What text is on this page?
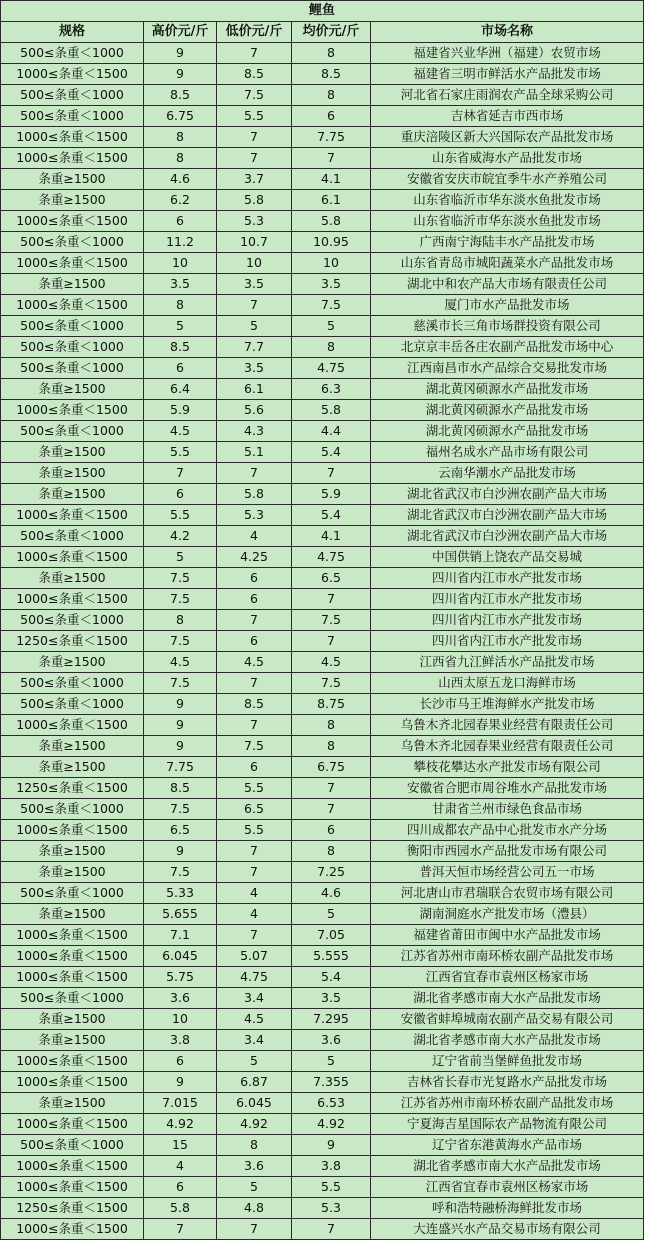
鲤鱼				
规格	高价元/斤	低价元/斤	均价元/斤	市场名称
500≤条重＜1000	9	7	8	福建省兴业华洲（福建）农贸市场
1000≤条重＜1500	9	8.5	8.5	福建省三明市鲜活水产品批发市场
500≤条重＜1000	8.5	7.5	8	河北省石家庄雨润农产品全球采购公司
500≤条重＜1000	6.75	5.5	6	吉林省延吉市西市场
1000≤条重＜1500	8	7	7.75	重庆涪陵区新大兴国际农产品批发市场
1000≤条重＜1500	8	7	7	山东省威海水产品批发市场
条重≥1500	4.6	3.7	4.1	安徽省安庆市皖宜季牛水产养殖公司
条重≥1500	6.2	5.8	6.1	山东省临沂市华东淡水鱼批发市场
1000≤条重＜1500	6	5.3	5.8	山东省临沂市华东淡水鱼批发市场
500≤条重＜1000	11.2	10.7	10.95	广西南宁海陆丰水产品批发市场
1000≤条重＜1500	10	10	10	山东省青岛市城阳蔬菜水产品批发市场
条重≥1500	3.5	3.5	3.5	湖北中和农产品大市场有限责任公司
1000≤条重＜1500	8	7	7.5	厦门市水产品批发市场
500≤条重＜1000	5	5	5	慈溪市长三角市场群投资有限公司
500≤条重＜1000	8.5	7.7	8	北京京丰岳各庄农副产品批发市场中心
500≤条重＜1000	6	3.5	4.75	江西南昌市水产品综合交易批发市场
条重≥1500	6.4	6.1	6.3	湖北黄冈硕源水产品批发市场
1000≤条重＜1500	5.9	5.6	5.8	湖北黄冈硕源水产品批发市场
500≤条重＜1000	4.5	4.3	4.4	湖北黄冈硕源水产品批发市场
条重≥1500	5.5	5.1	5.4	福州名成水产品市场有限公司
条重≥1500	7	7	7	云南华潮水产品批发市场
条重≥1500	6	5.8	5.9	湖北省武汉市白沙洲农副产品大市场
1000≤条重＜1500	5.5	5.3	5.4	湖北省武汉市白沙洲农副产品大市场
500≤条重＜1000	4.2	4	4.1	湖北省武汉市白沙洲农副产品大市场
1000≤条重＜1500	5	4.25	4.75	中国供销上饶农产品交易城
条重≥1500	7.5	6	6.5	四川省内江市水产批发市场
1000≤条重＜1500	7.5	6	7	四川省内江市水产批发市场
500≤条重＜1000	8	7	7.5	四川省内江市水产批发市场
1250≤条重＜1500	7.5	6	7	四川省内江市水产批发市场
条重≥1500	4.5	4.5	4.5	江西省九江鲜活水产品批发市场
500≤条重＜1000	7.5	7	7.5	山西太原五龙口海鲜市场
500≤条重＜1000	9	8.5	8.75	长沙市马王堆海鲜水产批发市场
1000≤条重＜1500	9	7	8	乌鲁木齐北园春果业经营有限责任公司
条重≥1500	9	7.5	8	乌鲁木齐北园春果业经营有限责任公司
条重≥1500	7.75	6	6.75	攀枝花攀达水产批发市场有限公司
1250≤条重＜1500	8.5	5.5	7	安徽省合肥市周谷堆水产品批发市场
500≤条重＜1000	7.5	6.5	7	甘肃省兰州市绿色食品市场
1000≤条重＜1500	6.5	5.5	6	四川成都农产品中心批发市水产分场
条重≥1500	9	7	8	衡阳市西园水产品批发市场有限公司
条重≥1500	7.5	7	7.25	普洱天恒市场经营公司五一市场
500≤条重＜1000	5.33	4	4.6	河北唐山市君瑞联合农贸市场有限公司
条重≥1500	5.655	4	5	湖南洞庭水产批发市场（澧县）
1000≤条重＜1500	7.1	7	7.05	福建省莆田市闽中水产品批发市场
1000≤条重＜1500	6.045	5.07	5.555	江苏省苏州市南环桥农副产品批发市场
1000≤条重＜1500	5.75	4.75	5.4	江西省宜春市袁州区杨家市场
500≤条重＜1000	3.6	3.4	3.5	湖北省孝感市南大水产品批发市场
条重≥1500	10	4.5	7.295	安徽省蚌埠城南农副产品交易有限公司
条重≥1500	3.8	3.4	3.6	湖北省孝感市南大水产品批发市场
1000≤条重＜1500	6	5	5	辽宁省前当堡鲜鱼批发市场
1000≤条重＜1500	9	6.87	7.355	吉林省长春市光复路水产品批发市场
条重≥1500	7.015	6.045	6.53	江苏省苏州市南环桥农副产品批发市场
1000≤条重＜1500	4.92	4.92	4.92	宁夏海吉星国际农产品物流有限公司
500≤条重＜1000	15	8	9	辽宁省东港黄海水产品市场
1000≤条重＜1500	4	3.6	3.8	湖北省孝感市南大水产品批发市场
1000≤条重＜1500	6	5	5.5	江西省宜春市袁州区杨家市场
1250≤条重＜1500	5.8	4.8	5.3	呼和浩特融桥海鲜批发市场
1000≤条重＜1500	7	7	7	大连盛兴水产品交易市场有限公司
